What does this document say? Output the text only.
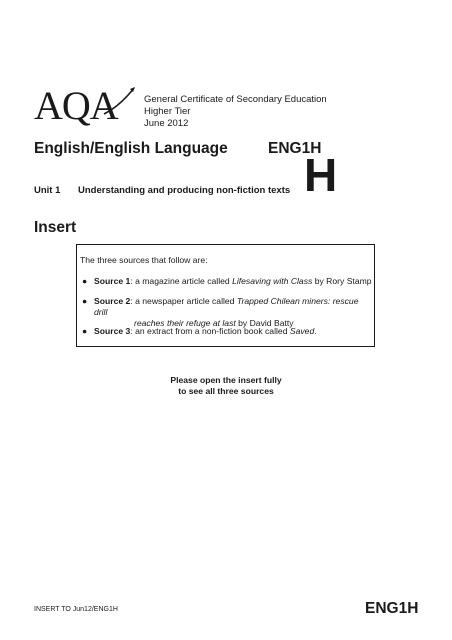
AQA	General Certificate of Secondary Education
Higher Tier
June 2012
English/English Language	ENG1H
H
Unit 1 Understanding and producing non-fiction texts
Insert
The three sources that follow are:
● Source 1: a magazine article called Lifesaving with Class by Rory Stamp
● Source 2: a newspaper article called Trapped Chilean miners: rescue drill
reaches their refuge at last by David Batty
● Source 3: an extract from a non-fiction book called Saved.
Please open the insert fully
to see all three sources
INSERT TO Jun12/ENG1H	ENG1H
